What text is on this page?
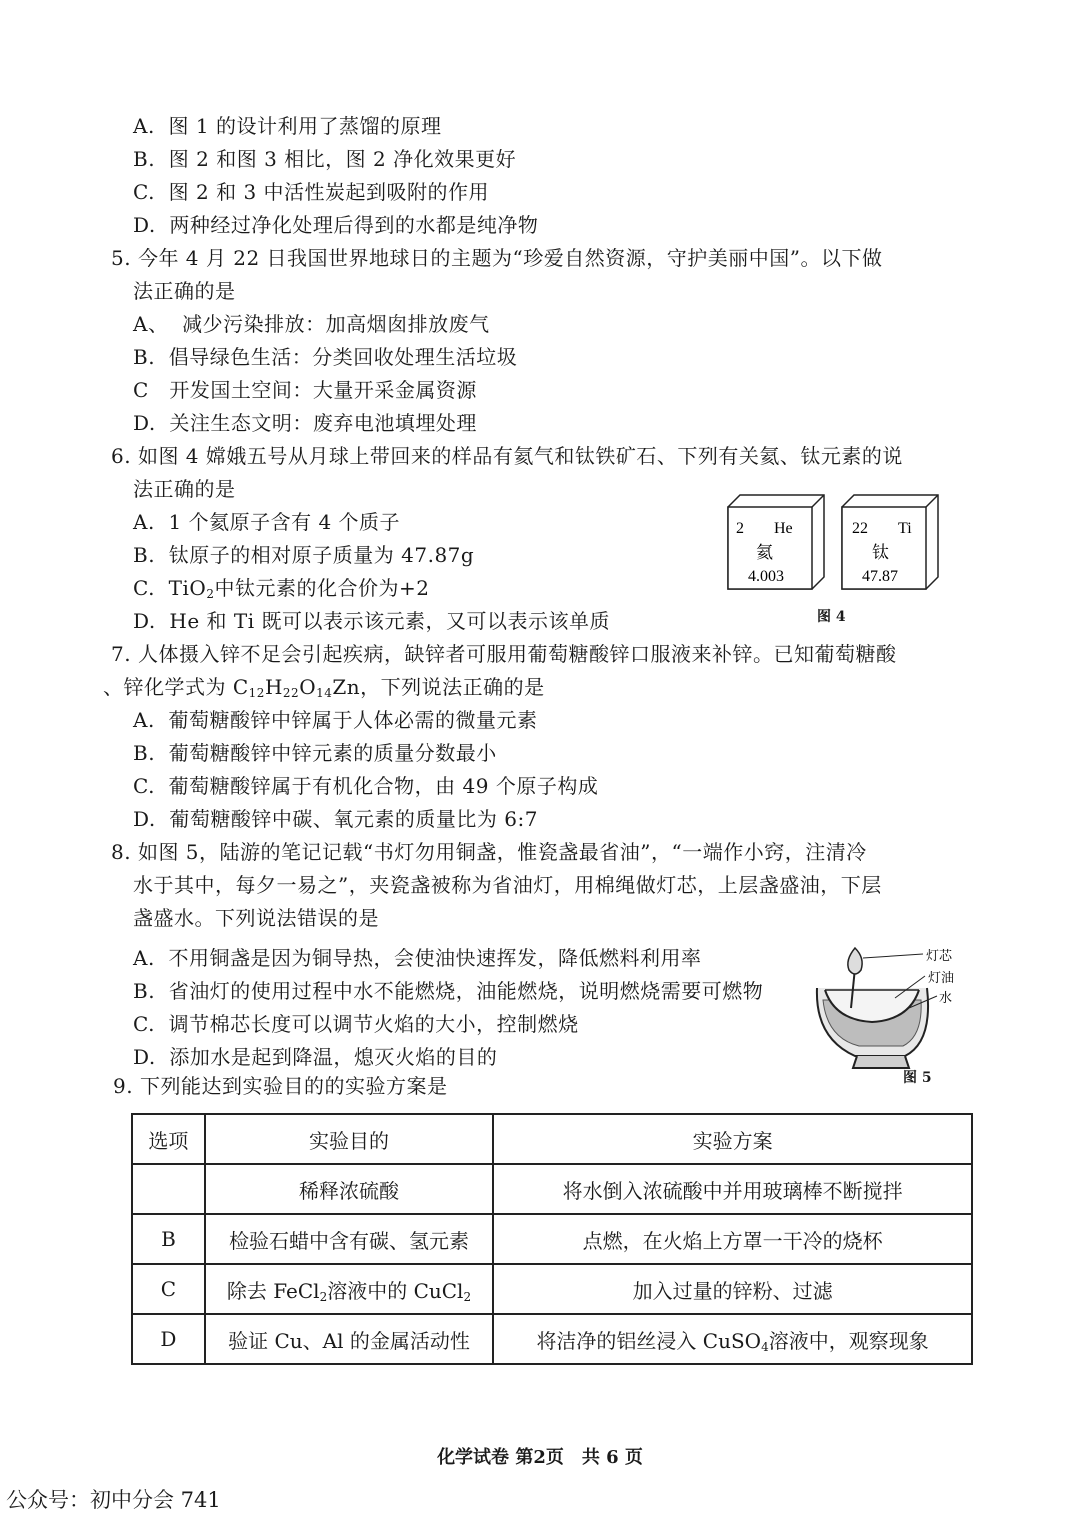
A. 图 1 的设计利用了蒸馏的原理
B. 图 2 和图 3 相比，图 2 净化效果更好
C. 图 2 和 3 中活性炭起到吸附的作用
D. 两种经过净化处理后得到的水都是纯净物
5. 今年 4 月 22 日我国世界地球日的主题为“珍爱自然资源，守护美丽中国”。以下做
法正确的是
A、 减少污染排放：加高烟囱排放废气
B. 倡导绿色生活：分类回收处理生活垃圾
C 开发国土空间：大量开采金属资源
D. 关注生态文明：废弃电池填埋处理
6. 如图 4 嫦娥五号从月球上带回来的样品有氦气和钛铁矿石、下列有关氦、钛元素的说
法正确的是
A. 1 个氦原子含有 4 个质子
B. 钛原子的相对原子质量为 47.87g
C. TiO$_2$中钛元素的化合价为+2
D. He 和 Ti 既可以表示该元素，又可以表示该单质
2 He
氦
4.003
22 Ti
钛
47.87
图 4
7. 人体摄入锌不足会引起疾病，缺锌者可服用葡萄糖酸锌口服液来补锌。已知葡萄糖酸
、锌化学式为 $C_{12}H_{22}O_{14}Zn$，下列说法正确的是
A. 葡萄糖酸锌中锌属于人体必需的微量元素
B. 葡萄糖酸锌中锌元素的质量分数最小
C. 葡萄糖酸锌属于有机化合物，由 49 个原子构成
D. 葡萄糖酸锌中碳、氧元素的质量比为 6:7
8. 如图 5，陆游的笔记记载“书灯勿用铜盏，惟瓷盏最省油”，“一端作小窍，注清冷
水于其中，每夕一易之”，夹瓷盏被称为省油灯，用棉绳做灯芯，上层盏盛油，下层
盏盛水。下列说法错误的是
A. 不用铜盏是因为铜导热，会使油快速挥发，降低燃料利用率
B. 省油灯的使用过程中水不能燃烧，油能燃烧，说明燃烧需要可燃物
C. 调节棉芯长度可以调节火焰的大小，控制燃烧
D. 添加水是起到降温，熄灭火焰的目的
灯芯
灯油
水
图 5
9. 下列能达到实验目的的实验方案是
选项	实验目的	实验方案
	稀释浓硫酸	将水倒入浓硫酸中并用玻璃棒不断搅拌
B	检验石蜡中含有碳、氢元素	点燃，在火焰上方罩一干冷的烧杯
C	除去 FeCl$_2$溶液中的 CuCl$_2$	加入过量的锌粉、过滤
D	验证 Cu、Al 的金属活动性	将洁净的铝丝浸入 CuSO$_4$溶液中，观察现象
化学试卷 第2页　共 6 页
公众号：初中分会 741
